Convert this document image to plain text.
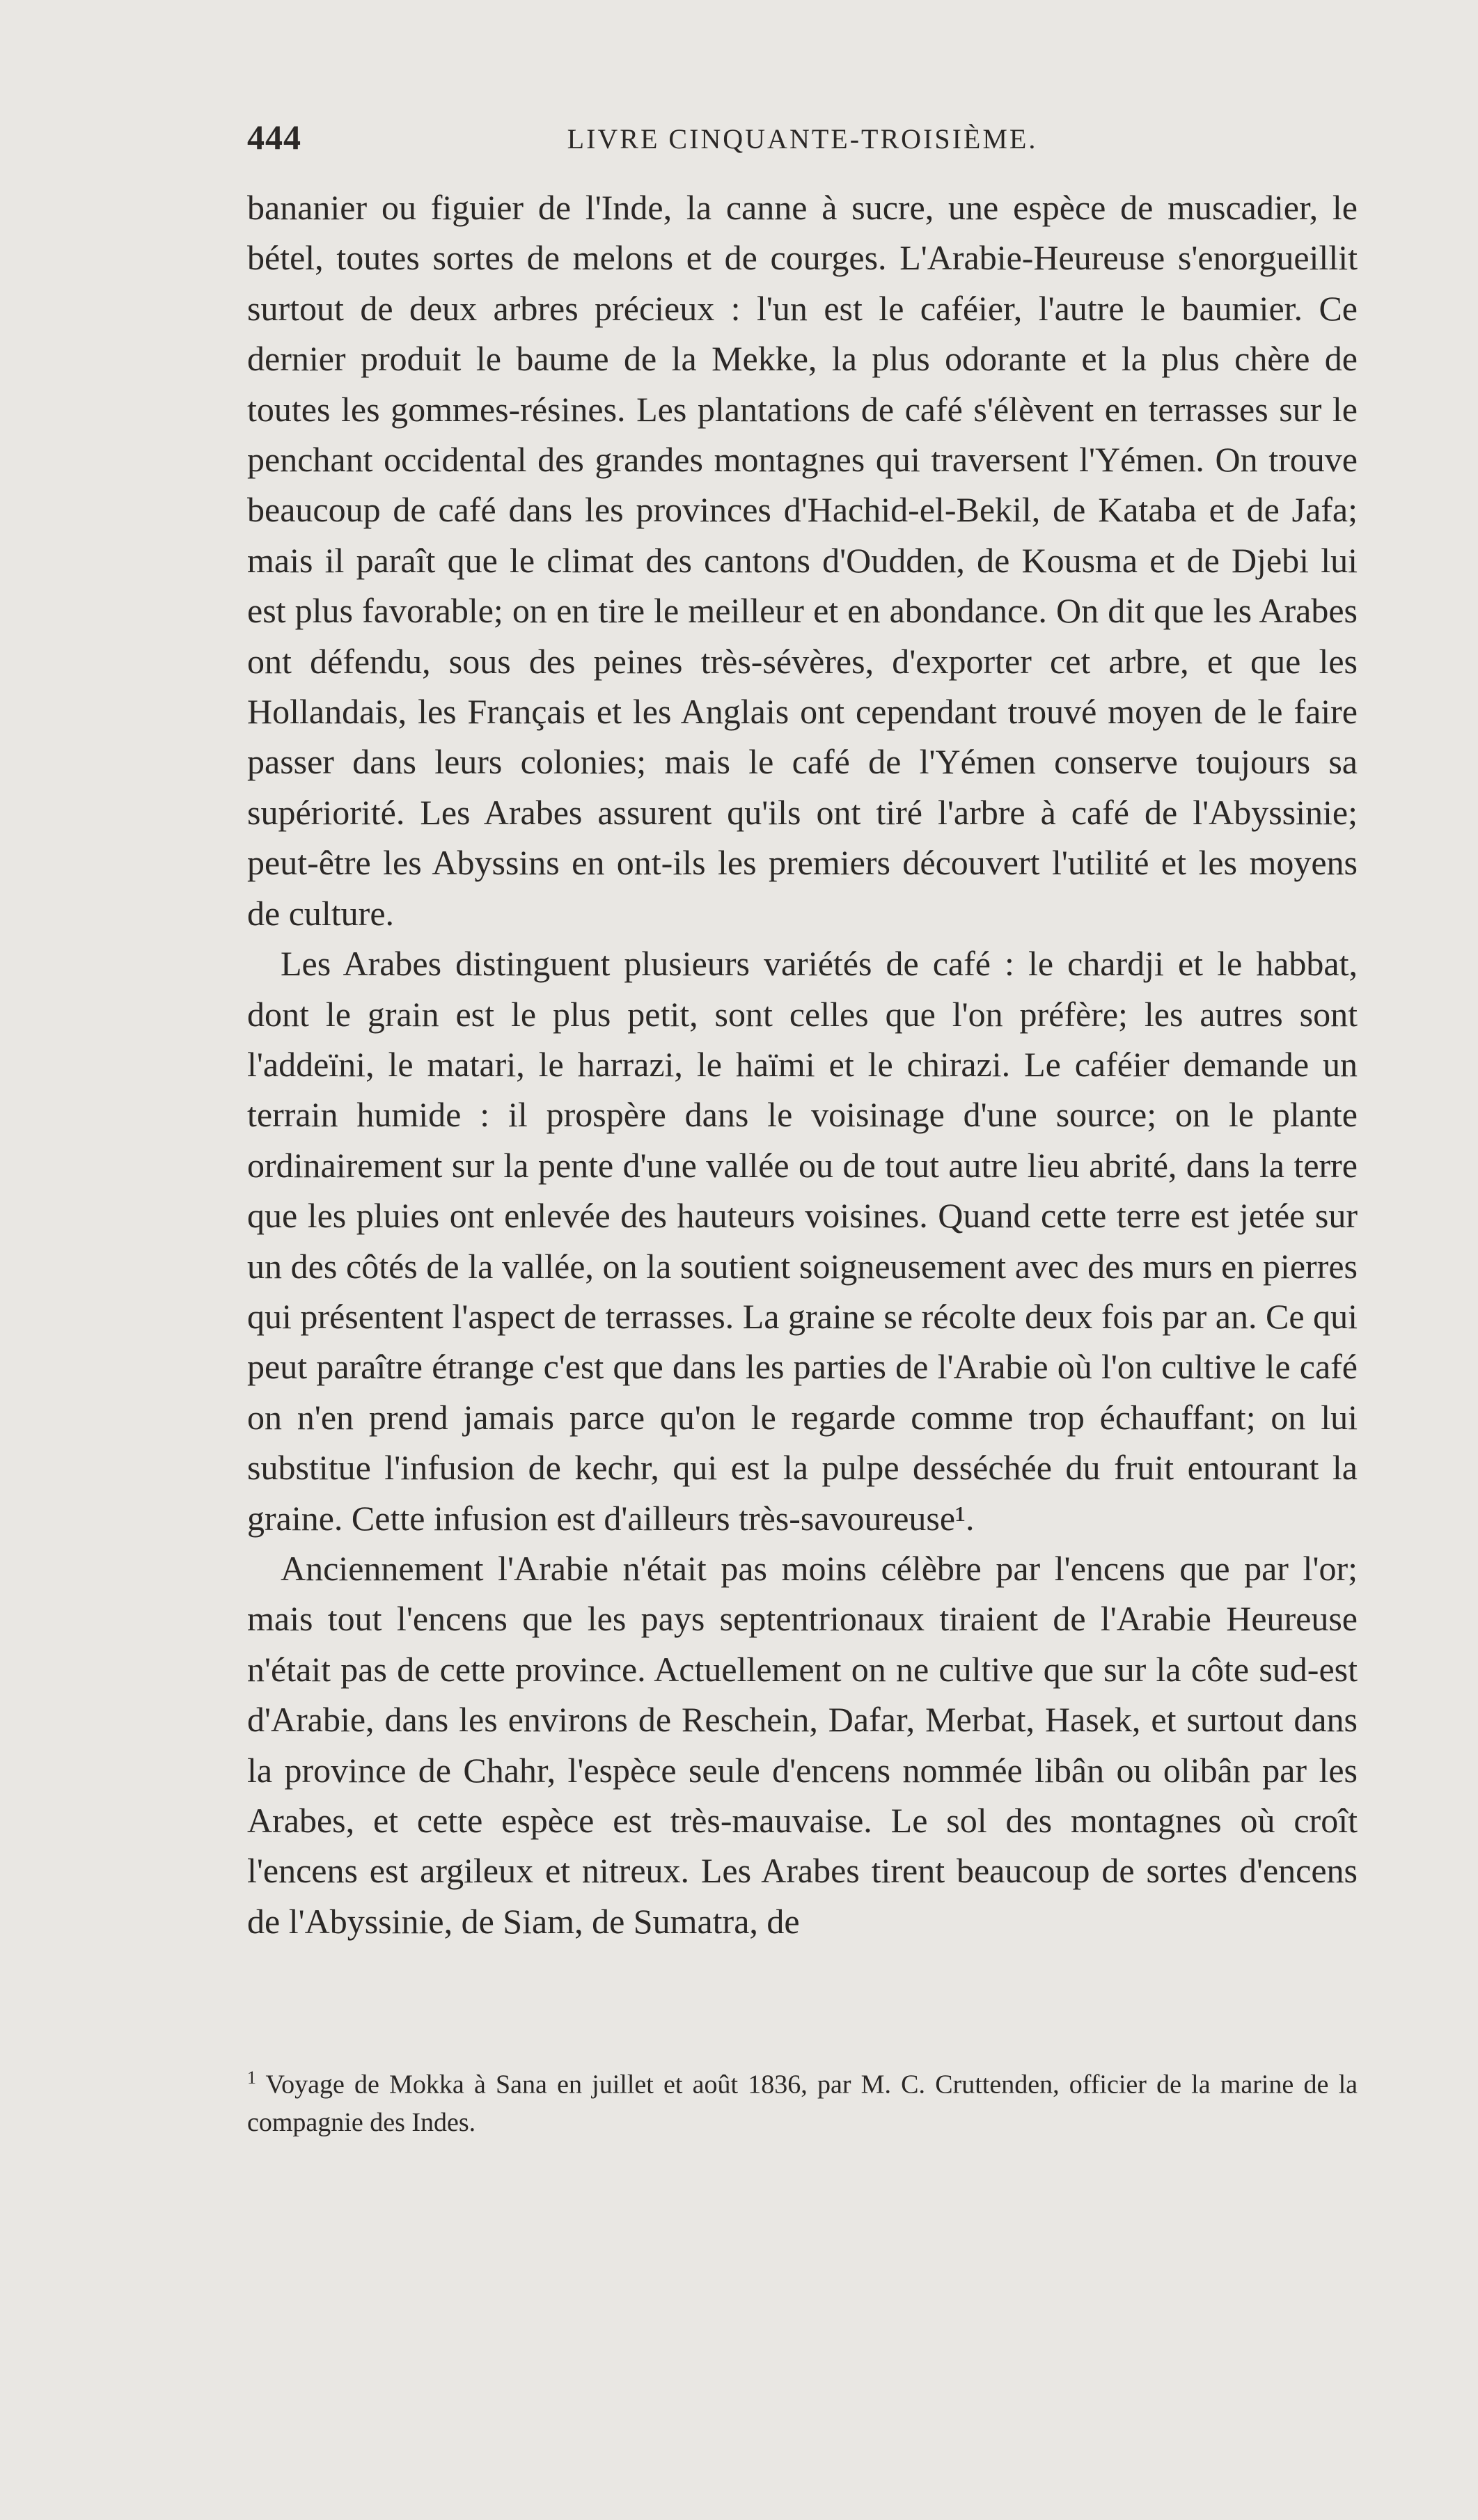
444	LIVRE CINQUANTE-TROISIÈME.

bananier ou figuier de l'Inde, la canne à sucre, une espèce de muscadier, le bétel, toutes sortes de melons et de courges. L'Arabie-Heureuse s'enorgueillit surtout de deux arbres précieux : l'un est le caféier, l'autre le baumier. Ce dernier produit le baume de la Mekke, la plus odorante et la plus chère de toutes les gommes-résines. Les plantations de café s'élèvent en terrasses sur le penchant occidental des grandes montagnes qui traversent l'Yémen. On trouve beaucoup de café dans les provinces d'Hachid-el-Bekil, de Kataba et de Jafa; mais il paraît que le climat des cantons d'Oudden, de Kousma et de Djebi lui est plus favorable; on en tire le meilleur et en abondance. On dit que les Arabes ont défendu, sous des peines très-sévères, d'exporter cet arbre, et que les Hollandais, les Français et les Anglais ont cependant trouvé moyen de le faire passer dans leurs colonies; mais le café de l'Yémen conserve toujours sa supériorité. Les Arabes assurent qu'ils ont tiré l'arbre à café de l'Abyssinie; peut-être les Abyssins en ont-ils les premiers découvert l'utilité et les moyens de culture.

Les Arabes distinguent plusieurs variétés de café : le chardji et le habbat, dont le grain est le plus petit, sont celles que l'on préfère; les autres sont l'addeïni, le matari, le harrazi, le haïmi et le chirazi. Le caféier demande un terrain humide : il prospère dans le voisinage d'une source; on le plante ordinairement sur la pente d'une vallée ou de tout autre lieu abrité, dans la terre que les pluies ont enlevée des hauteurs voisines. Quand cette terre est jetée sur un des côtés de la vallée, on la soutient soigneusement avec des murs en pierres qui présentent l'aspect de terrasses. La graine se récolte deux fois par an. Ce qui peut paraître étrange c'est que dans les parties de l'Arabie où l'on cultive le café on n'en prend jamais parce qu'on le regarde comme trop échauffant; on lui substitue l'infusion de kechr, qui est la pulpe desséchée du fruit entourant la graine. Cette infusion est d'ailleurs très-savoureuse¹.

Anciennement l'Arabie n'était pas moins célèbre par l'encens que par l'or; mais tout l'encens que les pays septentrionaux tiraient de l'Arabie Heureuse n'était pas de cette province. Actuellement on ne cultive que sur la côte sud-est d'Arabie, dans les environs de Reschein, Dafar, Merbat, Hasek, et surtout dans la province de Chahr, l'espèce seule d'encens nommée libân ou olibân par les Arabes, et cette espèce est très-mauvaise. Le sol des montagnes où croît l'encens est argileux et nitreux. Les Arabes tirent beaucoup de sortes d'encens de l'Abyssinie, de Siam, de Sumatra, de

$^1$ Voyage de Mokka à Sana en juillet et août 1836, par M. C. Cruttenden, officier de la marine de la compagnie des Indes.
